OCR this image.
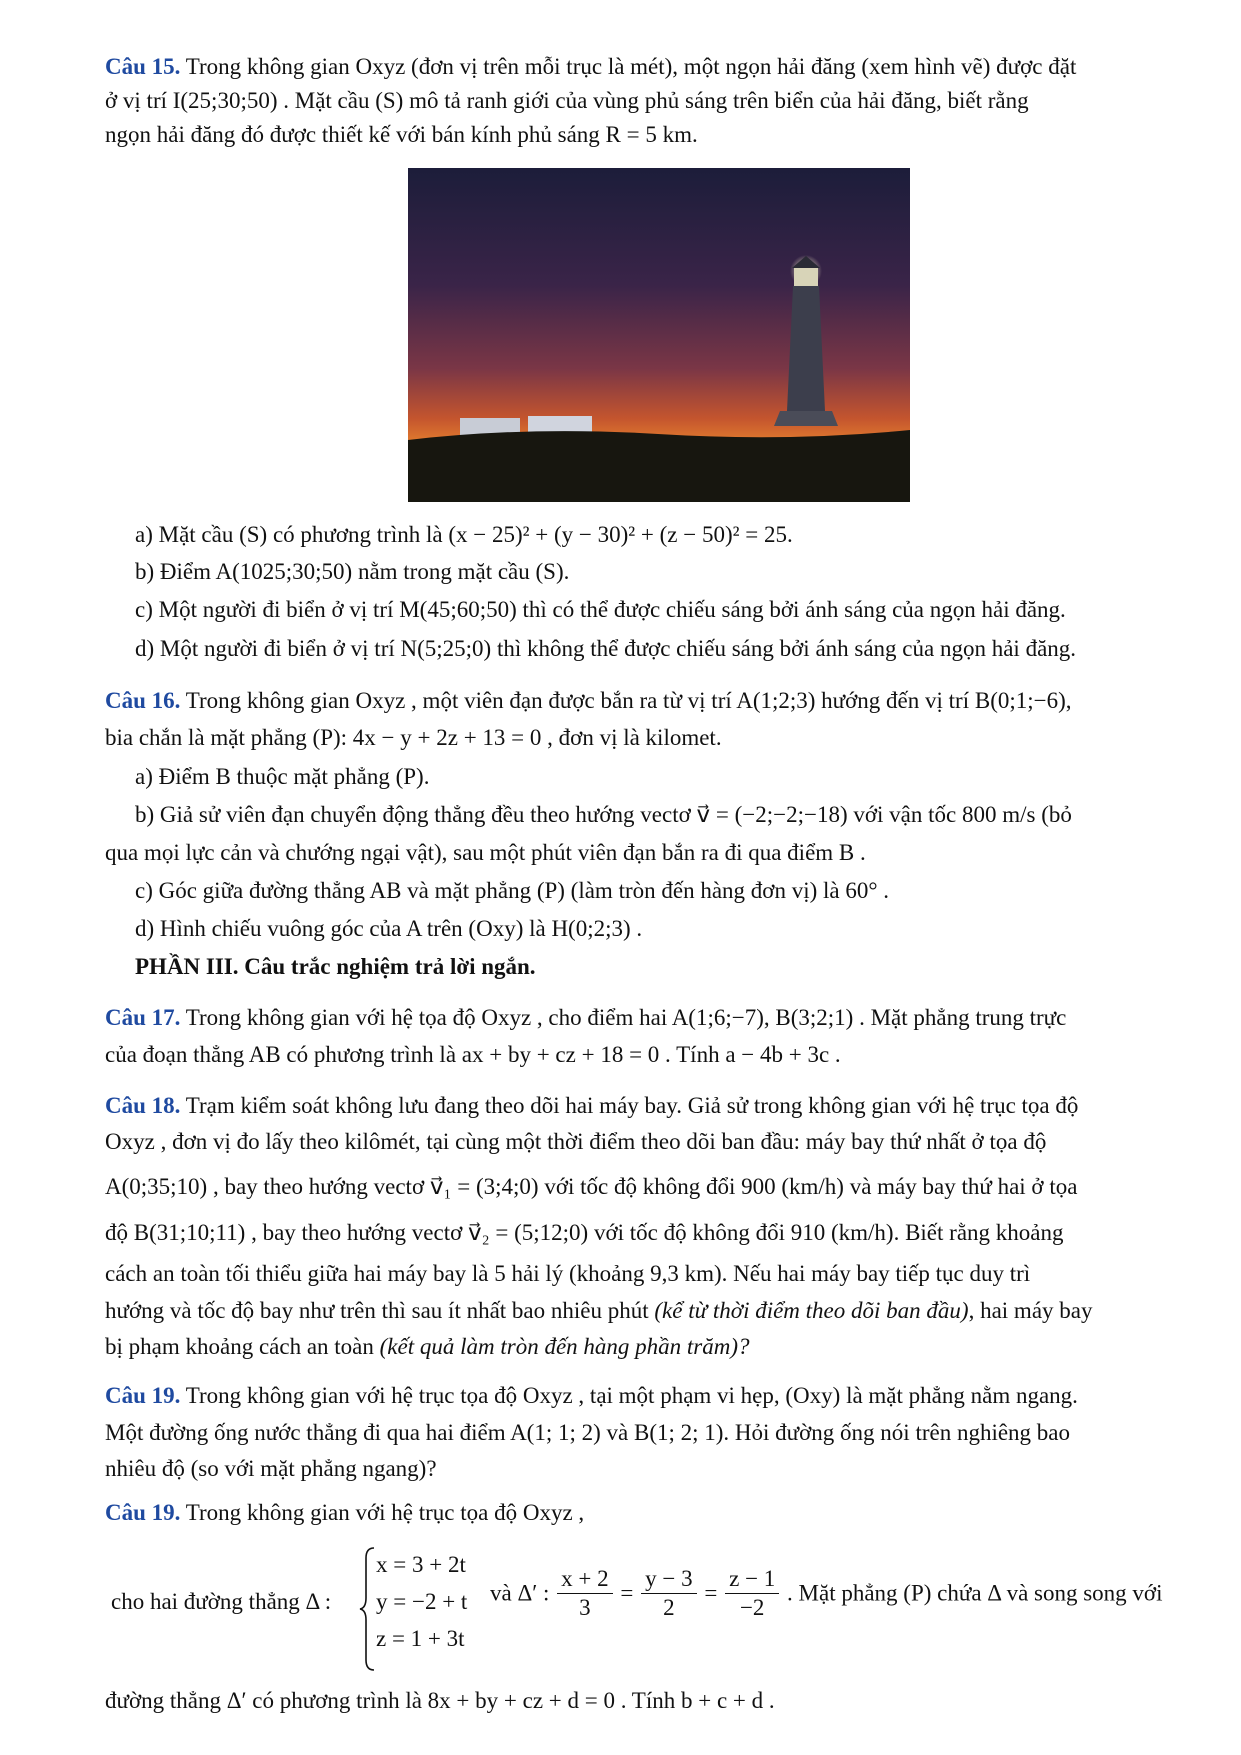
Câu 15. Trong không gian Oxyz (đơn vị trên mỗi trục là mét), một ngọn hải đăng (xem hình vẽ) được đặt
ở vị trí I(25;30;50) . Mặt cầu (S) mô tả ranh giới của vùng phủ sáng trên biển của hải đăng, biết rằng
ngọn hải đăng đó được thiết kế với bán kính phủ sáng R = 5 km.
a) Mặt cầu (S) có phương trình là (x − 25)² + (y − 30)² + (z − 50)² = 25.
b) Điểm A(1025;30;50) nằm trong mặt cầu (S).
c) Một người đi biển ở vị trí M(45;60;50) thì có thể được chiếu sáng bởi ánh sáng của ngọn hải đăng.
d) Một người đi biển ở vị trí N(5;25;0) thì không thể được chiếu sáng bởi ánh sáng của ngọn hải đăng.
Câu 16. Trong không gian Oxyz , một viên đạn được bắn ra từ vị trí A(1;2;3) hướng đến vị trí B(0;1;−6),
bia chắn là mặt phẳng (P): 4x − y + 2z + 13 = 0 , đơn vị là kilomet.
a) Điểm B thuộc mặt phẳng (P).
b) Giả sử viên đạn chuyển động thẳng đều theo hướng vectơ v⃗ = (−2;−2;−18) với vận tốc 800 m/s (bỏ
qua mọi lực cản và chướng ngại vật), sau một phút viên đạn bắn ra đi qua điểm B .
c) Góc giữa đường thẳng AB và mặt phẳng (P) (làm tròn đến hàng đơn vị) là 60° .
d) Hình chiếu vuông góc của A trên (Oxy) là H(0;2;3) .
PHẦN III. Câu trắc nghiệm trả lời ngắn.
Câu 17. Trong không gian với hệ tọa độ Oxyz , cho điểm hai A(1;6;−7), B(3;2;1) . Mặt phẳng trung trực
của đoạn thẳng AB có phương trình là ax + by + cz + 18 = 0 . Tính a − 4b + 3c .
Câu 18. Trạm kiểm soát không lưu đang theo dõi hai máy bay. Giả sử trong không gian với hệ trục tọa độ
Oxyz , đơn vị đo lấy theo kilômét, tại cùng một thời điểm theo dõi ban đầu: máy bay thứ nhất ở tọa độ
A(0;35;10) , bay theo hướng vectơ v⃗₁ = (3;4;0) với tốc độ không đổi 900 (km/h) và máy bay thứ hai ở tọa
độ B(31;10;11) , bay theo hướng vectơ v⃗₂ = (5;12;0) với tốc độ không đổi 910 (km/h). Biết rằng khoảng
cách an toàn tối thiểu giữa hai máy bay là 5 hải lý (khoảng 9,3 km). Nếu hai máy bay tiếp tục duy trì
hướng và tốc độ bay như trên thì sau ít nhất bao nhiêu phút (kể từ thời điểm theo dõi ban đầu), hai máy bay
bị phạm khoảng cách an toàn (kết quả làm tròn đến hàng phần trăm)?
Câu 19. Trong không gian với hệ trục tọa độ Oxyz , tại một phạm vi hẹp, (Oxy) là mặt phẳng nằm ngang.
Một đường ống nước thẳng đi qua hai điểm A(1; 1; 2) và B(1; 2; 1). Hỏi đường ống nói trên nghiêng bao
nhiêu độ (so với mặt phẳng ngang)?
Câu 19. Trong không gian với hệ trục tọa độ Oxyz ,
cho hai đường thẳng Δ :
x = 3 + 2t
y = −2 + t
z = 1 + 3t
và Δ′ : $\frac{x + 2}{3} = \frac{y - 3}{2} = \frac{z - 1}{-2}$ . Mặt phẳng (P) chứa Δ và song song với
đường thẳng Δ′ có phương trình là 8x + by + cz + d = 0 . Tính b + c + d .
